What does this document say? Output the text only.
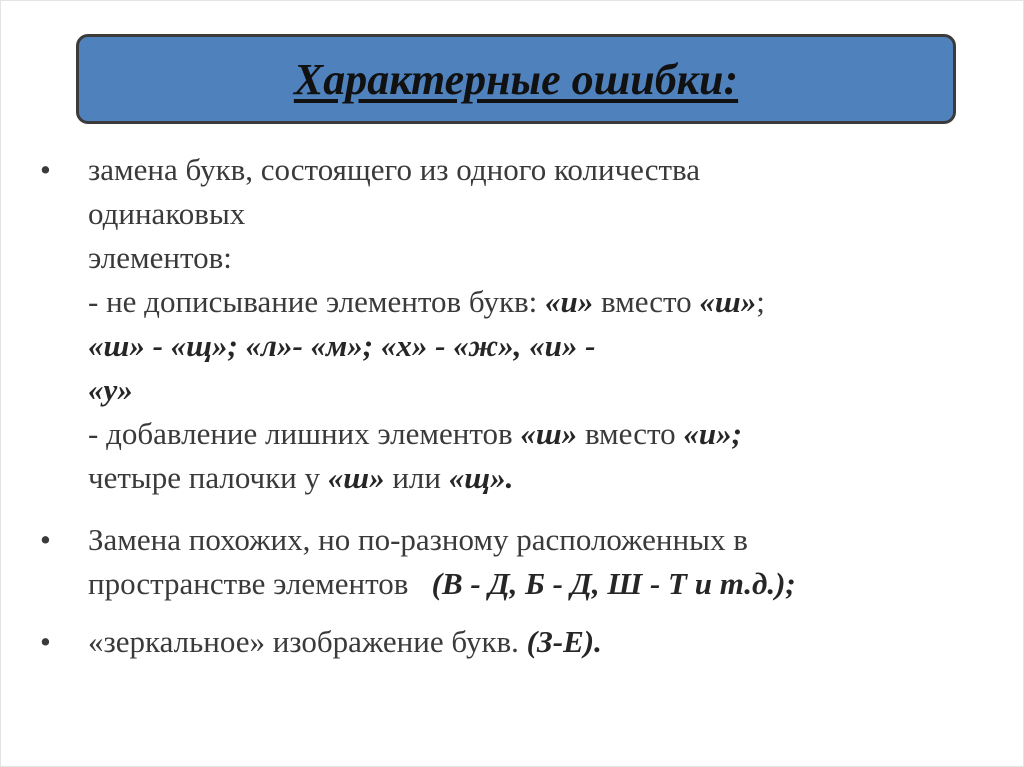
Характерные ошибки:
•	замена букв, состоящего из одного количества
одинаковых
элементов:
- не дописывание элементов букв: «и» вместо «ш»;
«ш» - «щ»; «л»- «м»; «х» - «ж», «и» -
«у»
- добавление лишних элементов «ш» вместо «и»;
четыре палочки у «ш» или «щ».
•	Замена похожих, но по-разному расположенных в
пространстве элементов   (В - Д, Б - Д, Ш - Т и т.д.);
•	«зеркальное» изображение букв. (З-Е).
